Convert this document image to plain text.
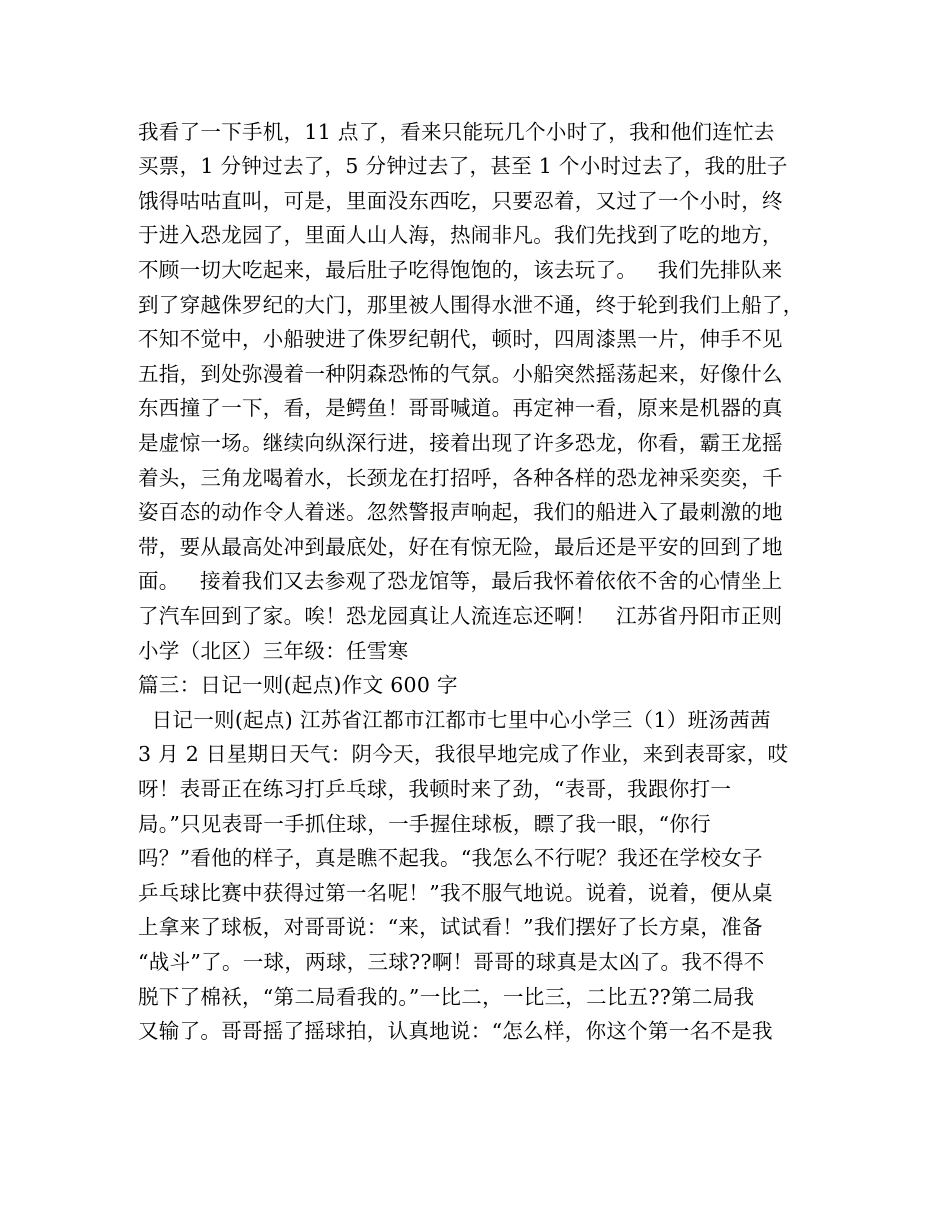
我看了一下手机，11 点了，看来只能玩几个小时了，我和他们连忙去
买票，1 分钟过去了，5 分钟过去了，甚至 1 个小时过去了，我的肚子
饿得咕咕直叫，可是，里面没东西吃，只要忍着，又过了一个小时，终
于进入恐龙园了，里面人山人海，热闹非凡。我们先找到了吃的地方，
不顾一切大吃起来，最后肚子吃得饱饱的，该去玩了。   我们先排队来
到了穿越侏罗纪的大门，那里被人围得水泄不通，终于轮到我们上船了，
不知不觉中，小船驶进了侏罗纪朝代，顿时，四周漆黑一片，伸手不见
五指，到处弥漫着一种阴森恐怖的气氛。小船突然摇荡起来，好像什么
东西撞了一下，看，是鳄鱼！哥哥喊道。再定神一看，原来是机器的真
是虚惊一场。继续向纵深行进，接着出现了许多恐龙，你看，霸王龙摇
着头，三角龙喝着水，长颈龙在打招呼，各种各样的恐龙神采奕奕，千
姿百态的动作令人着迷。忽然警报声响起，我们的船进入了最刺激的地
带，要从最高处冲到最底处，好在有惊无险，最后还是平安的回到了地
面。   接着我们又去参观了恐龙馆等，最后我怀着依依不舍的心情坐上
了汽车回到了家。唉！恐龙园真让人流连忘还啊！   江苏省丹阳市正则
小学（北区）三年级：任雪寒
篇三：日记一则(起点)作文 600 字
日记一则(起点) 江苏省江都市江都市七里中心小学三（1）班汤茜茜
3 月 2 日星期日天气：阴今天，我很早地完成了作业，来到表哥家，哎
呀！表哥正在练习打乒乓球，我顿时来了劲，“表哥，我跟你打一
局。”只见表哥一手抓住球，一手握住球板，瞟了我一眼，“你行
吗？”看他的样子，真是瞧不起我。“我怎么不行呢？我还在学校女子
乒乓球比赛中获得过第一名呢！”我不服气地说。说着，说着，便从桌
上拿来了球板，对哥哥说：“来，试试看！”我们摆好了长方桌，准备
“战斗”了。一球，两球，三球??啊！哥哥的球真是太凶了。我不得不
脱下了棉袄，“第二局看我的。”一比二，一比三，二比五??第二局我
又输了。哥哥摇了摇球拍，认真地说：“怎么样，你这个第一名不是我
